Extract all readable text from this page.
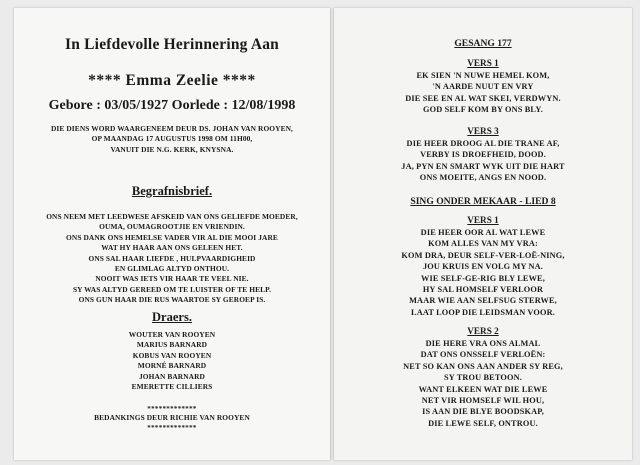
In Liefdevolle Herinnering Aan
**** Emma Zeelie ****
Gebore : 03/05/1927 Oorlede : 12/08/1998
DIE DIENS WORD WAARGENEEM DEUR DS. JOHAN VAN ROOYEN,
OP MAANDAG 17 AUGUSTUS 1998 OM 11H00,
VANUIT DIE N.G. KERK, KNYSNA.
Begrafnisbrief.
ONS NEEM MET LEEDWESE AFSKEID VAN ONS GELIEFDE MOEDER,
OUMA, OUMAGROOTJIE EN VRIENDIN.
ONS DANK ONS HEMELSE VADER VIR AL DIE MOOI JARE
WAT HY HAAR AAN ONS GELEEN HET.
ONS SAL HAAR LIEFDE , HULPVAARDIGHEID
EN GLIMLAG ALTYD ONTHOU.
NOOIT WAS IETS VIR HAAR TE VEEL NIE.
SY WAS ALTYD GEREED OM TE LUISTER OF TE HELP.
ONS GUN HAAR DIE RUS WAARTOE SY GEROEP IS.
Draers.
WOUTER VAN ROOYEN
MARIUS BARNARD
KOBUS VAN ROOYEN
MORNÉ BARNARD
JOHAN BARNARD
EMERETTE CILLIERS
*************
BEDANKINGS DEUR RICHIE VAN ROOYEN
*************
GESANG 177
VERS 1
EK SIEN 'N NUWE HEMEL KOM,
'N AARDE NUUT EN VRY
DIE SEE EN AL WAT SKEI, VERDWYN.
GOD SELF KOM BY ONS BLY.
VERS 3
DIE HEER DROOG AL DIE TRANE AF,
VERBY IS DROEFHEID, DOOD.
JA, PYN EN SMART WYK UIT DIE HART
ONS MOEITE, ANGS EN NOOD.
SING ONDER MEKAAR - LIED 8
VERS 1
DIE HEER OOR AL WAT LEWE
KOM ALLES VAN MY VRA:
KOM DRA, DEUR SELF-VER-LOË-NING,
JOU KRUIS EN VOLG MY NA.
WIE SELF-GE-RIG BLY LEWE,
HY SAL HOMSELF VERLOOR
MAAR WIE AAN SELFSUG STERWE,
LAAT LOOP DIE LEIDSMAN VOOR.
VERS 2
DIE HERE VRA ONS ALMAL
DAT ONS ONSSELF VERLOËN:
NET SO KAN ONS AAN ANDER SY REG,
SY TROU BETOON.
WANT ELKEEN WAT DIE LEWE
NET VIR HOMSELF WIL HOU,
IS AAN DIE BLYE BOODSKAP,
DIE LEWE SELF, ONTROU.
